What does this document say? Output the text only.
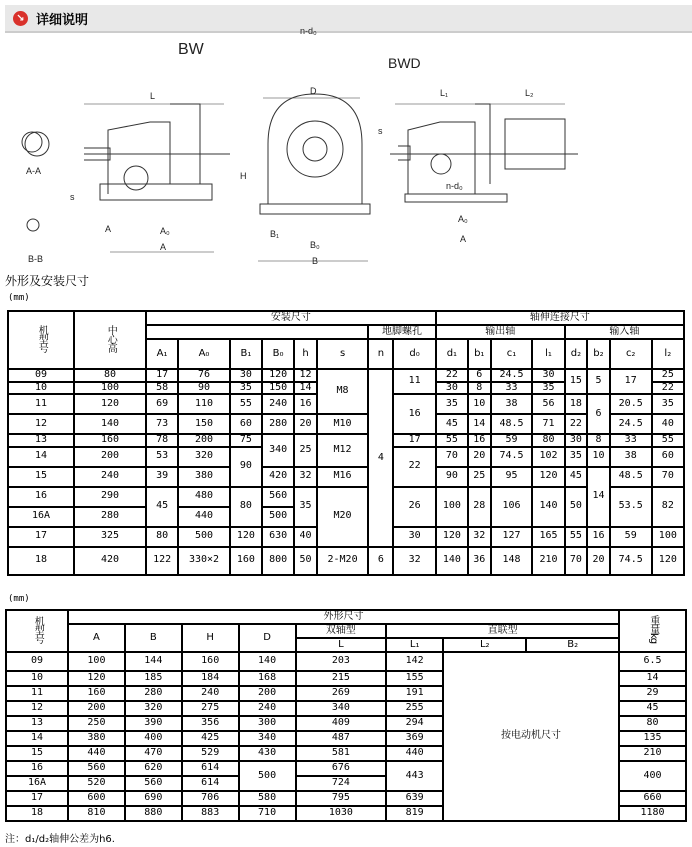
↘ 详细说明
BW
BWD
L
A
A₀
A
s
A-A
B-B
D
H
B₁
B₀
B
L₁	L₂
s
A₀
A
n-d₀
n-d₀
外形及安装尺寸
(mm)
机型号	中心高	安装尺寸								轴伸连接尺寸							
								地脚螺孔		输出轴				输入轴			
		A₁	A₀	B₁	B₀	h	s	n	d₀	d₁	b₁	c₁	l₁	d₂	b₂	c₂	l₂
09	80	17	76	30	120	12	M8	4	11	22	6	24.5	30	15	5	17	25
10	100	58	90	35	150	14				30	8	33	35				22
11	120	69	110	55	240	16			16	35	10	38	56	18	6	20.5	35
12	140	73	150	60	280	20	M10			45	14	48.5	71	22		24.5	40
13	160	78	200	75	340	25	M12		17	55	16	59	80	30	8	33	55
14	200	53	320	90					22	70	20	74.5	102	35	10	38	60
15	240	39	380		420	32	M16			90	25	95	120	45	14	48.5	70
16	290	45	480	80	560	35	M20		26	100	28	106	140	50		53.5	82
16A	280		440		500												
17	325	80	500	120	630	40			30	120	32	127	165	55	16	59	100
18	420	122	330×2	160	800	50	2-M20	6	32	140	36	148	210	70	20	74.5	120
(mm)
机型号	外形尺寸								重量kg
	A	B	H	D	双轴型	直联型			
					L	L₁	L₂	B₂	
09	100	144	160	140	203	142	按电动机尺寸		6.5
10	120	185	184	168	215	155			14
11	160	280	240	200	269	191			29
12	200	320	275	240	340	255			45
13	250	390	356	300	409	294			80
14	380	400	425	340	487	369			135
15	440	470	529	430	581	440			210
16	560	620	614	500	676	443			400
16A	520	560	614		724				
17	600	690	706	580	795	639			660
18	810	880	883	710	1030	819			1180
注：d₁/d₂轴伸公差为h6.
